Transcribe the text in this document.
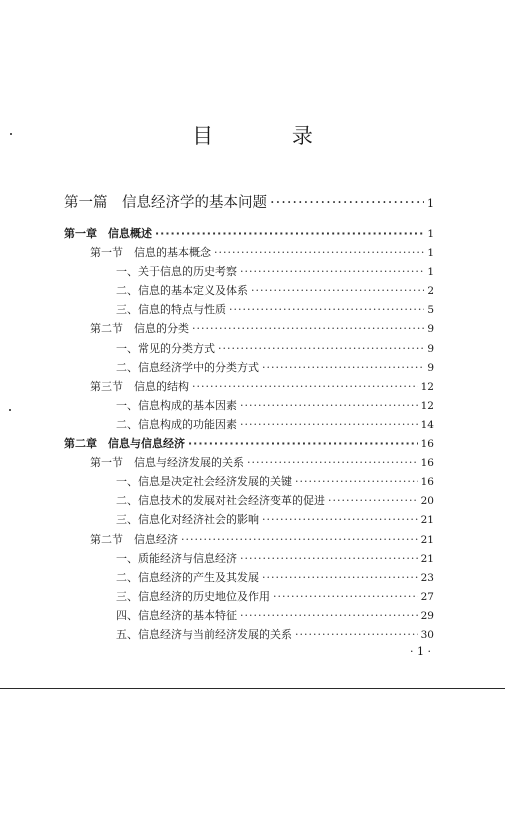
目 录
第一篇　信息经济学的基本问题 ·····	1
第一章　信息概述 ·····	1
第一节　信息的基本概念 ·····	1
一、关于信息的历史考察 ·····	1
二、信息的基本定义及体系 ·····	2
三、信息的特点与性质 ·····	5
第二节　信息的分类 ·····	9
一、常见的分类方式 ·····	9
二、信息经济学中的分类方式 ·····	9
第三节　信息的结构 ·····	12
一、信息构成的基本因素 ·····	12
二、信息构成的功能因素 ·····	14
第二章　信息与信息经济 ·····	16
第一节　信息与经济发展的关系 ·····	16
一、信息是决定社会经济发展的关键 ·····	16
二、信息技术的发展对社会经济变革的促进 ·····	20
三、信息化对经济社会的影响 ·····	21
第二节　信息经济 ·····	21
一、质能经济与信息经济 ·····	21
二、信息经济的产生及其发展 ·····	23
三、信息经济的历史地位及作用 ·····	27
四、信息经济的基本特征 ·····	29
五、信息经济与当前经济发展的关系 ·····	30
· 1 ·
